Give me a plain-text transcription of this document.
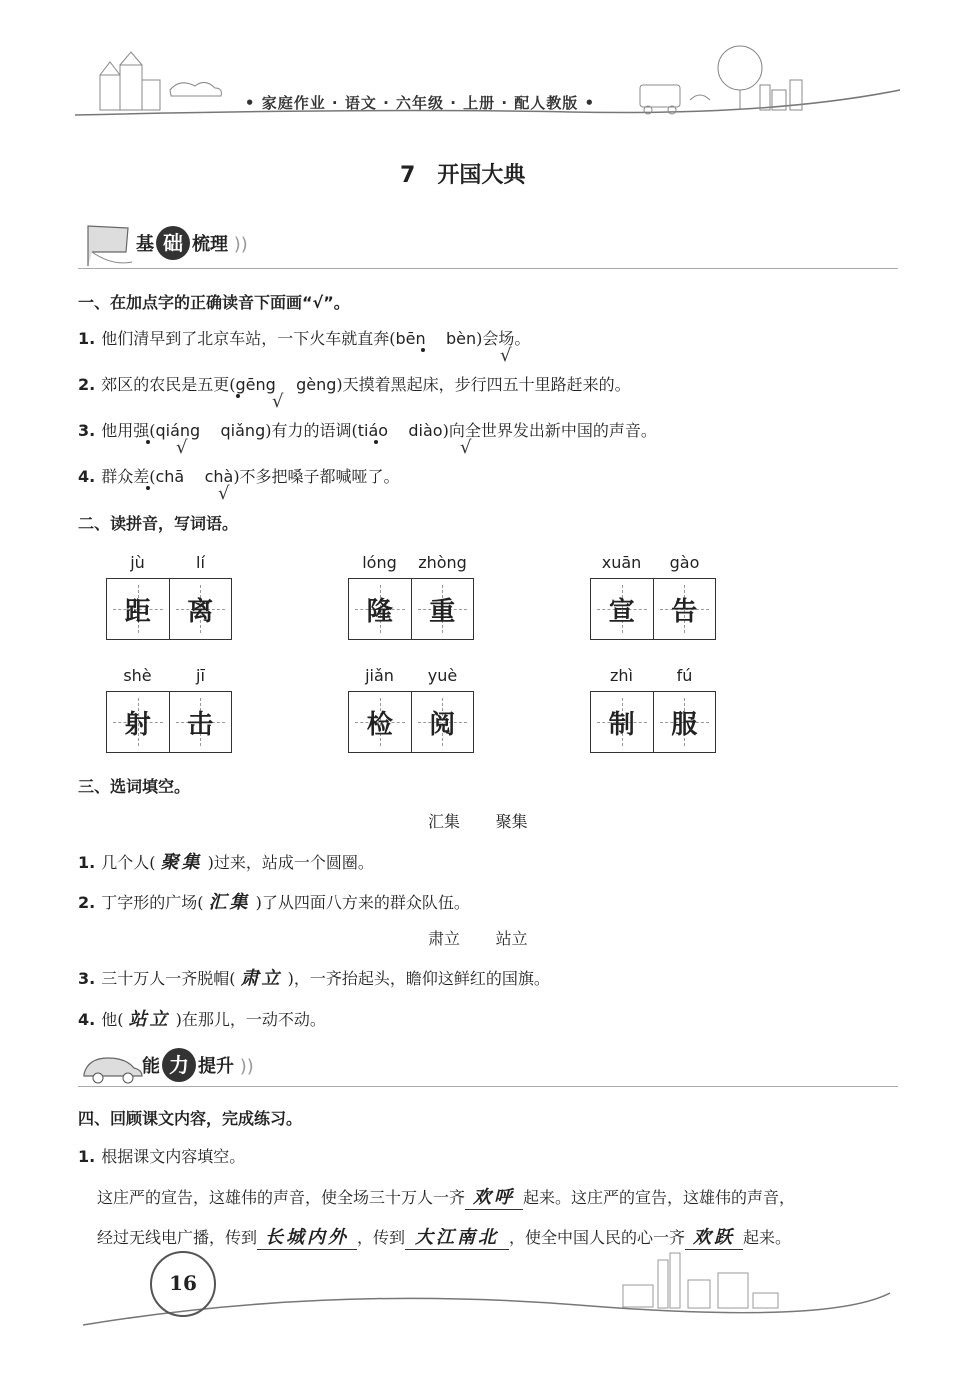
• 家庭作业 · 语文 · 六年级 · 上册 · 配人教版 •
7 开国大典
基 础 梳理 ))
一、在加点字的正确读音下面画“√”。
1. 他们清早到了北京车站，一下火车就直奔(bēn bèn)会场。
√
2. 郊区的农民是五更(gēng gèng)天摸着黑起床，步行四五十里路赶来的。
√
3. 他用强(qiáng qiǎng)有力的语调(tiáo diào)向全世界发出新中国的声音。
√	√
4. 群众差(chā chà)不多把嗓子都喊哑了。
√
二、读拼音，写词语。
jù	lí
距 离
lóng	zhòng
隆 重
xuān	gào
宣 告
shè	jī
射 击
jiǎn	yuè
检 阅
zhì	fú
制 服
三、选词填空。
汇集 聚集
1. 几个人( 聚集 )过来，站成一个圆圈。
2. 丁字形的广场( 汇集 )了从四面八方来的群众队伍。
肃立 站立
3. 三十万人一齐脱帽( 肃立 )，一齐抬起头，瞻仰这鲜红的国旗。
4. 他( 站立 )在那儿，一动不动。
能 力 提升 ))
四、回顾课文内容，完成练习。
1. 根据课文内容填空。
这庄严的宣告，这雄伟的声音，使全场三十万人一齐 欢呼 起来。这庄严的宣告，这雄伟的声音，
经过无线电广播，传到 长城内外 ，传到 大江南北 ，使全中国人民的心一齐 欢跃 起来。
16
